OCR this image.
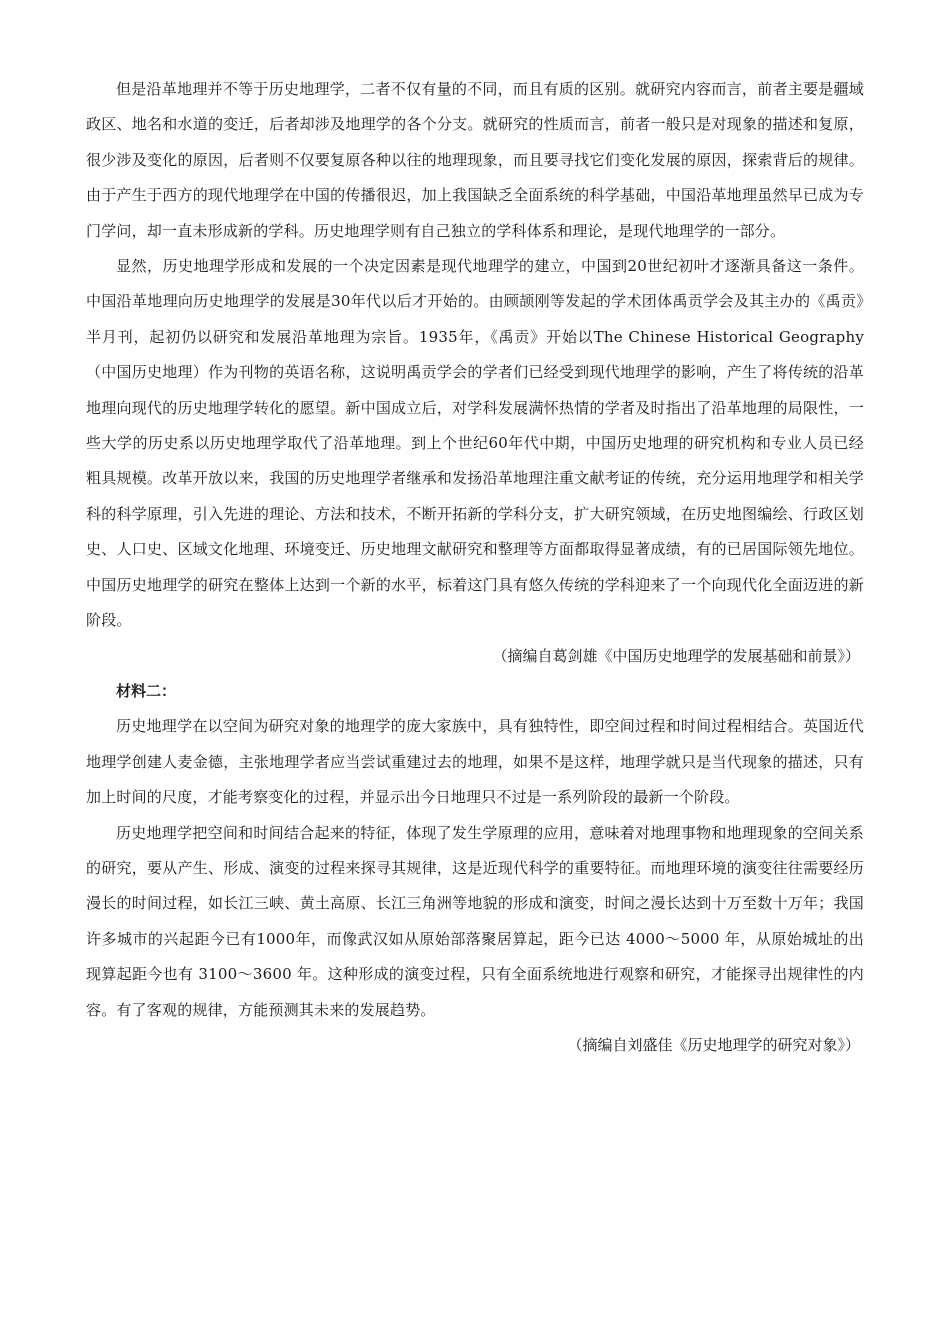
但是沿革地理并不等于历史地理学，二者不仅有量的不同，而且有质的区别。就研究内容而言，前者主要是疆域政区、地名和水道的变迁，后者却涉及地理学的各个分支。就研究的性质而言，前者一般只是对现象的描述和复原，很少涉及变化的原因，后者则不仅要复原各种以往的地理现象，而且要寻找它们变化发展的原因，探索背后的规律。由于产生于西方的现代地理学在中国的传播很迟，加上我国缺乏全面系统的科学基础，中国沿革地理虽然早已成为专门学问，却一直未形成新的学科。历史地理学则有自己独立的学科体系和理论，是现代地理学的一部分。

显然，历史地理学形成和发展的一个决定因素是现代地理学的建立，中国到20世纪初叶才逐渐具备这一条件。中国沿革地理向历史地理学的发展是30年代以后才开始的。由顾颉刚等发起的学术团体禹贡学会及其主办的《禹贡》半月刊，起初仍以研究和发展沿革地理为宗旨。1935年，《禹贡》开始以The Chinese Historical Geography （中国历史地理）作为刊物的英语名称，这说明禹贡学会的学者们已经受到现代地理学的影响，产生了将传统的沿革地理向现代的历史地理学转化的愿望。新中国成立后，对学科发展满怀热情的学者及时指出了沿革地理的局限性，一些大学的历史系以历史地理学取代了沿革地理。到上个世纪60年代中期，中国历史地理的研究机构和专业人员已经粗具规模。改革开放以来，我国的历史地理学者继承和发扬沿革地理注重文献考证的传统，充分运用地理学和相关学科的科学原理，引入先进的理论、方法和技术，不断开拓新的学科分支，扩大研究领域，在历史地图编绘、行政区划史、人口史、区域文化地理、环境变迁、历史地理文献研究和整理等方面都取得显著成绩，有的已居国际领先地位。中国历史地理学的研究在整体上达到一个新的水平，标着这门具有悠久传统的学科迎来了一个向现代化全面迈进的新阶段。

（摘编自葛剑雄《中国历史地理学的发展基础和前景》）

材料二：

历史地理学在以空间为研究对象的地理学的庞大家族中，具有独特性，即空间过程和时间过程相结合。英国近代地理学创建人麦金德，主张地理学者应当尝试重建过去的地理，如果不是这样，地理学就只是当代现象的描述，只有加上时间的尺度，才能考察变化的过程，并显示出今日地理只不过是一系列阶段的最新一个阶段。

历史地理学把空间和时间结合起来的特征，体现了发生学原理的应用，意味着对地理事物和地理现象的空间关系的研究，要从产生、形成、演变的过程来探寻其规律，这是近现代科学的重要特征。而地理环境的演变往往需要经历漫长的时间过程，如长江三峡、黄土高原、长江三角洲等地貌的形成和演变，时间之漫长达到十万至数十万年；我国许多城市的兴起距今已有1000年，而像武汉如从原始部落聚居算起，距今已达 4000～5000 年，从原始城址的出现算起距今也有 3100～3600 年。这种形成的演变过程，只有全面系统地进行观察和研究，才能探寻出规律性的内容。有了客观的规律，方能预测其未来的发展趋势。

（摘编自刘盛佳《历史地理学的研究对象》）
